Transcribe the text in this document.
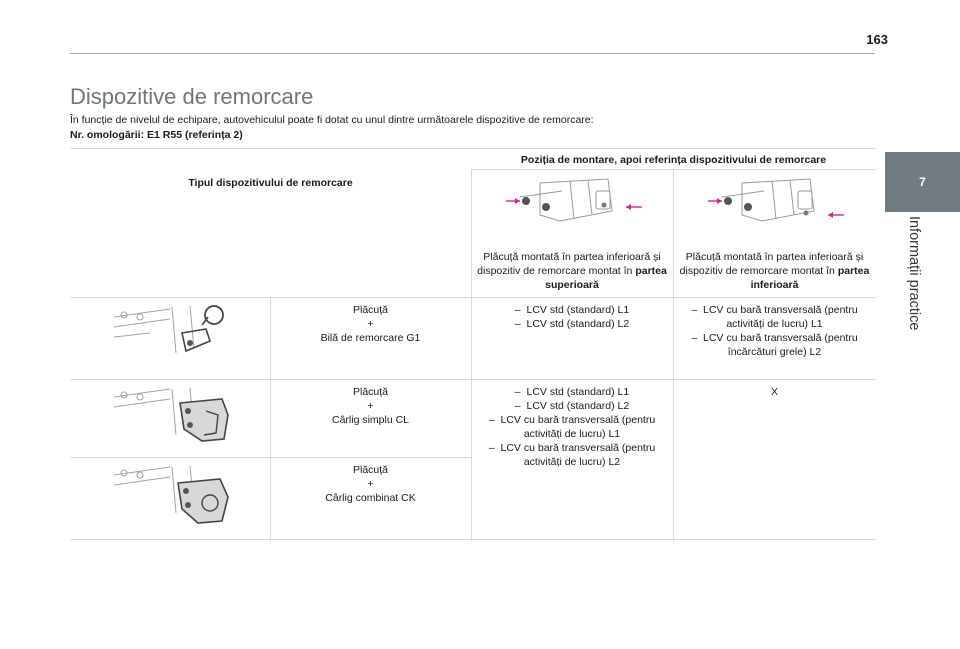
163
7
Informații practice
Dispozitive de remorcare

În funcție de nivelul de echipare, autovehiculul poate fi dotat cu unul dintre următoarele dispozitive de remorcare:

Nr. omologării: E1 R55 (referința 2)

Poziția de montare, apoi referința dispozitivului de remorcare
Tipul dispozitivului de remorcare
Plăcuță montată în partea inferioară și dispozitiv de remorcare montat în partea superioară
Plăcuță montată în partea inferioară și dispozitiv de remorcare montat în partea inferioară
Plăcuță
+
Bilă de remorcare G1
–  LCV std (standard) L1
–  LCV std (standard) L2
–  LCV cu bară transversală (pentru activități de lucru) L1
–  LCV cu bară transversală (pentru încărcături grele) L2
Plăcuță
+
Cârlig simplu CL
–  LCV std (standard) L1
–  LCV std (standard) L2
–  LCV cu bară transversală (pentru activități de lucru) L1
–  LCV cu bară transversală (pentru activități de lucru) L2
X
Plăcuță
+
Cârlig combinat CK
